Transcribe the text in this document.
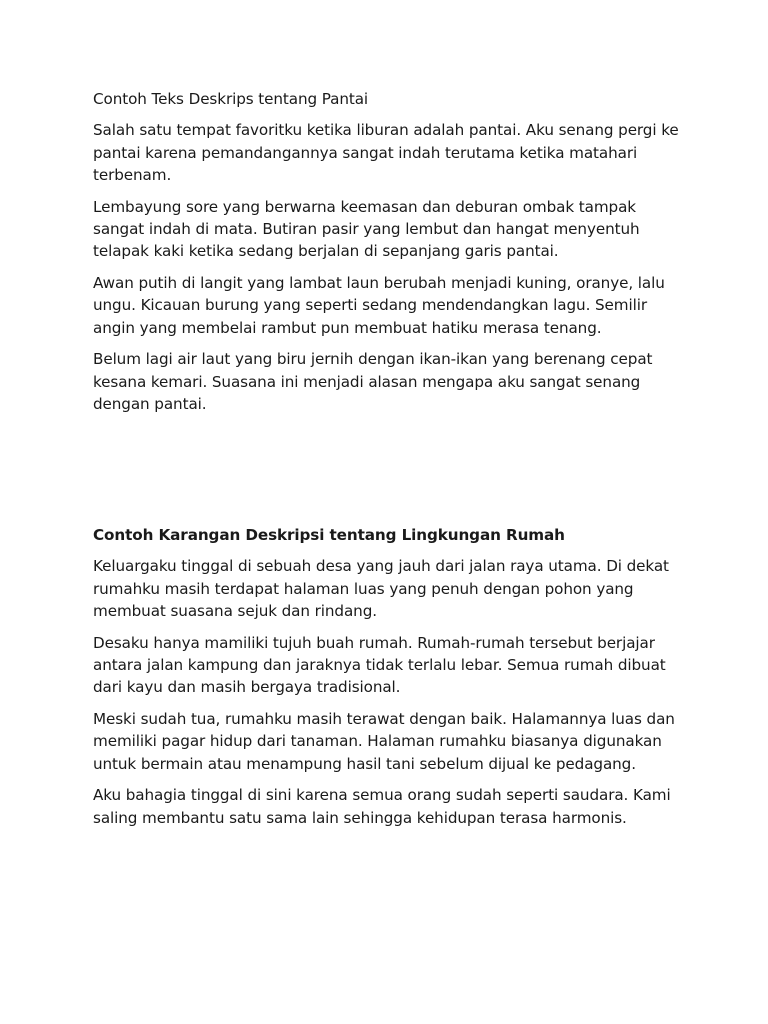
Contoh Teks Deskrips tentang Pantai
Salah satu tempat favoritku ketika liburan adalah pantai. Aku senang pergi ke pantai karena pemandangannya sangat indah terutama ketika matahari terbenam.
Lembayung sore yang berwarna keemasan dan deburan ombak tampak sangat indah di mata. Butiran pasir yang lembut dan hangat menyentuh telapak kaki ketika sedang berjalan di sepanjang garis pantai.
Awan putih di langit yang lambat laun berubah menjadi kuning, oranye, lalu ungu. Kicauan burung yang seperti sedang mendendangkan lagu. Semilir angin yang membelai rambut pun membuat hatiku merasa tenang.
Belum lagi air laut yang biru jernih dengan ikan-ikan yang berenang cepat kesana kemari. Suasana ini menjadi alasan mengapa aku sangat senang dengan pantai.
Contoh Karangan Deskripsi tentang Lingkungan Rumah
Keluargaku tinggal di sebuah desa yang jauh dari jalan raya utama. Di dekat rumahku masih terdapat halaman luas yang penuh dengan pohon yang membuat suasana sejuk dan rindang.
Desaku hanya mamiliki tujuh buah rumah. Rumah-rumah tersebut berjajar antara jalan kampung dan jaraknya tidak terlalu lebar. Semua rumah dibuat dari kayu dan masih bergaya tradisional.
Meski sudah tua, rumahku masih terawat dengan baik. Halamannya luas dan memiliki pagar hidup dari tanaman. Halaman rumahku biasanya digunakan untuk bermain atau menampung hasil tani sebelum dijual ke pedagang.
Aku bahagia tinggal di sini karena semua orang sudah seperti saudara. Kami saling membantu satu sama lain sehingga kehidupan terasa harmonis.
